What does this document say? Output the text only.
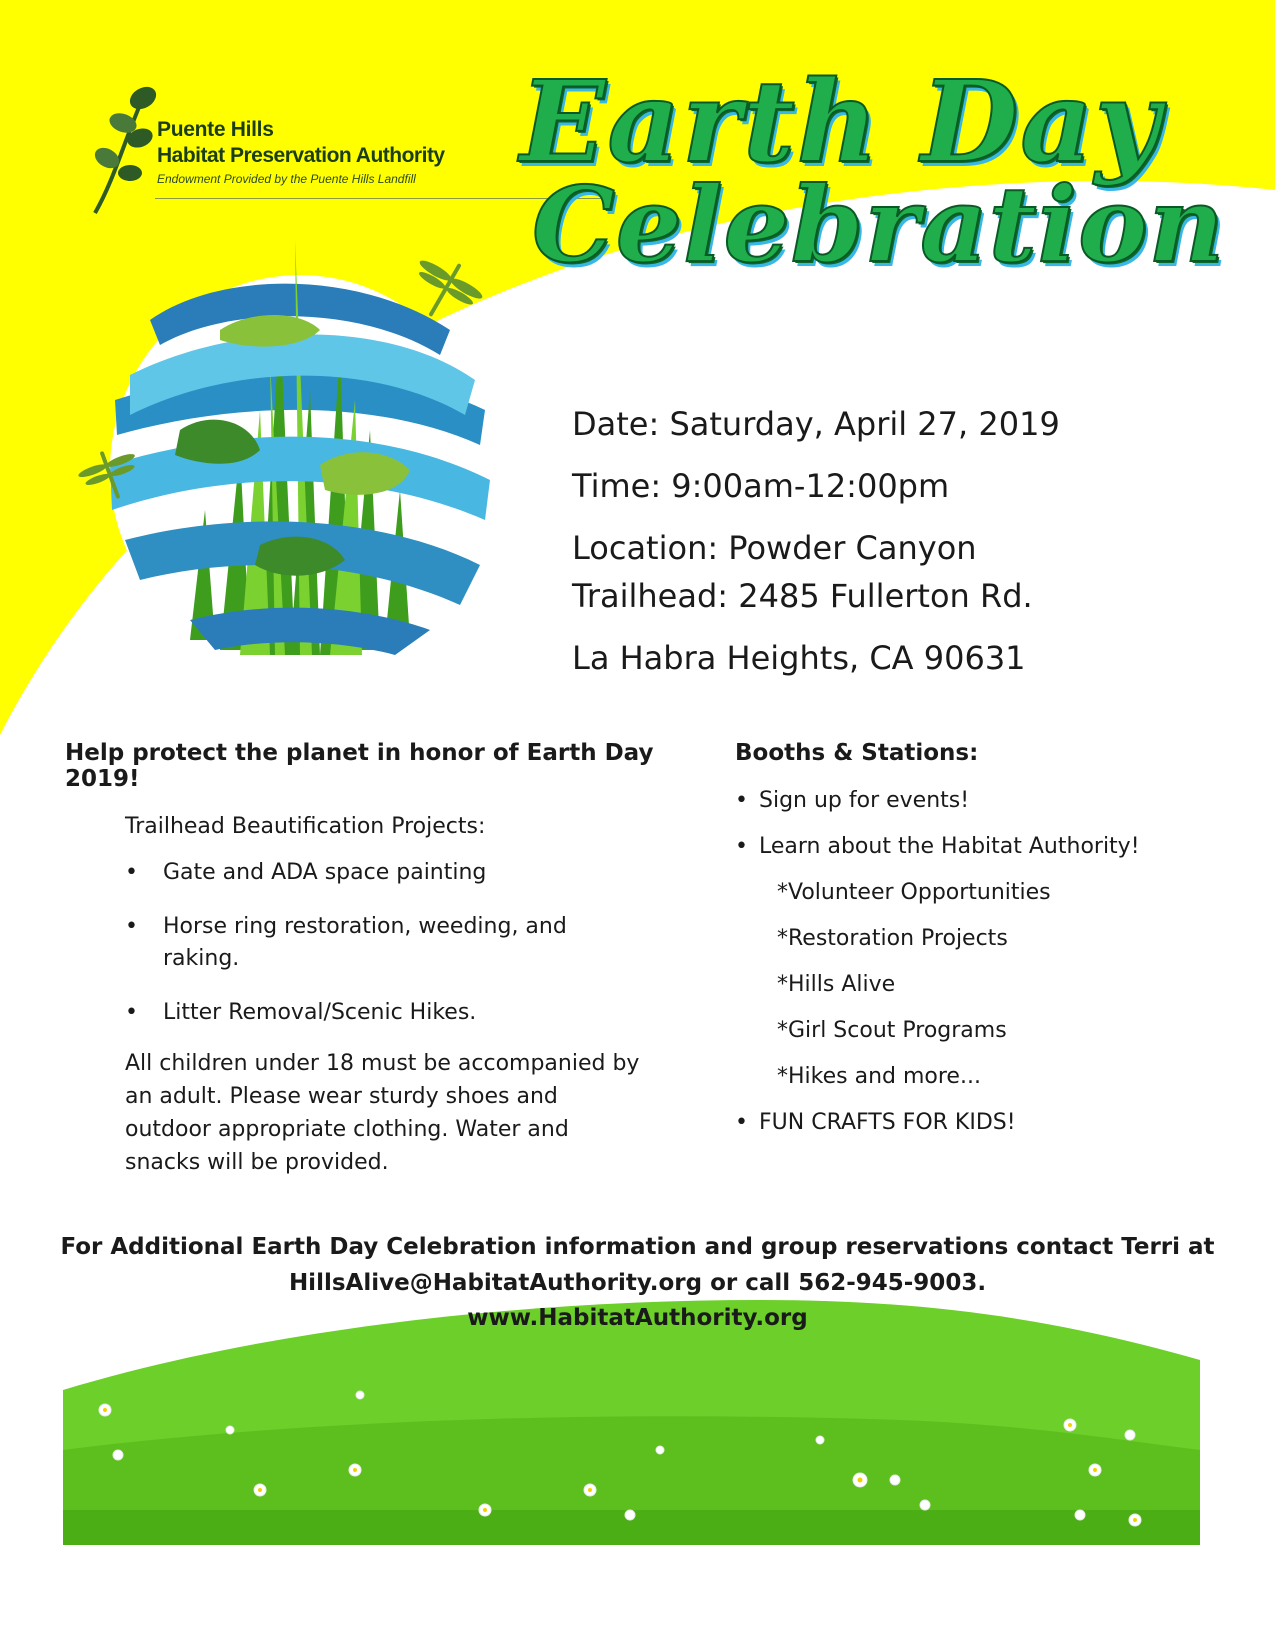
Puente Hills
Habitat Preservation Authority
Endowment Provided by the Puente Hills Landfill Earth Day
Celebration
Date: Saturday, April 27, 2019
Time: 9:00am-12:00pm
Location: Powder Canyon
Trailhead: 2485 Fullerton Rd.
La Habra Heights, CA 90631
Help protect the planet in honor of Earth Day 2019!
Trailhead Beautification Projects:
• Gate and ADA space painting
• Horse ring restoration, weeding, and raking.
• Litter Removal/Scenic Hikes.
All children under 18 must be accompanied by an adult. Please wear sturdy shoes and outdoor appropriate clothing. Water and snacks will be provided.
Booths & Stations:
• Sign up for events!
• Learn about the Habitat Authority!
*Volunteer Opportunities
*Restoration Projects
*Hills Alive
*Girl Scout Programs
*Hikes and more...
• FUN CRAFTS FOR KIDS!
For Additional Earth Day Celebration information and group reservations contact Terri at
HillsAlive@HabitatAuthority.org or call 562-945-9003.
www.HabitatAuthority.org
